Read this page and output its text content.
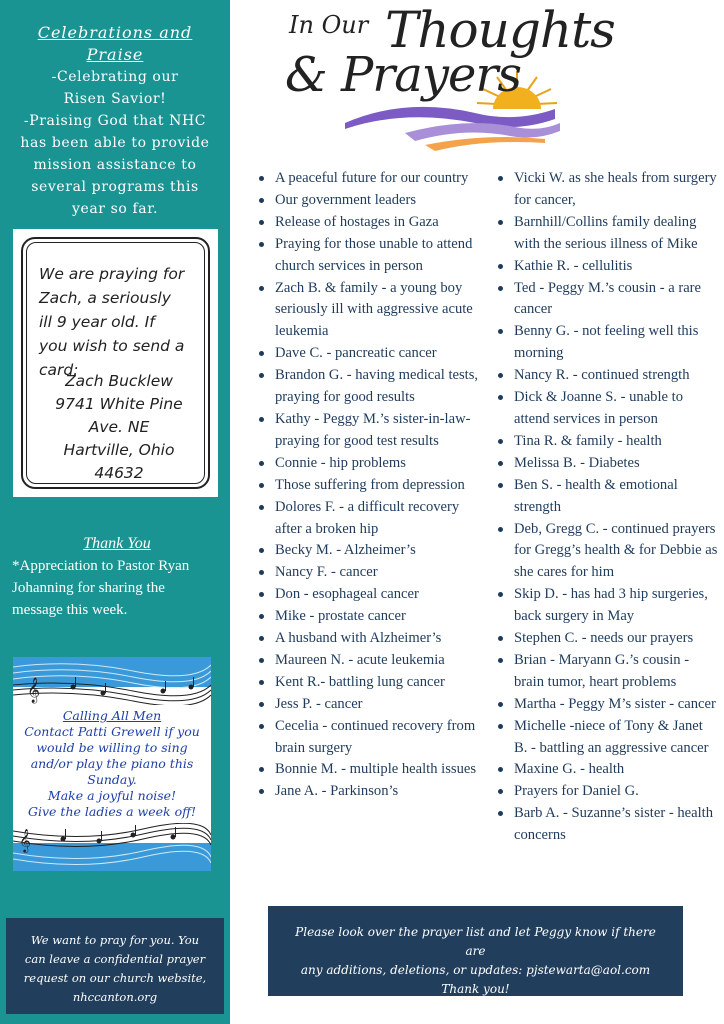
Celebrations and Praise
-Celebrating our
Risen Savior!
-Praising God that NHC
has been able to provide
mission assistance to
several programs this
year so far.
We are praying for
Zach, a seriously
ill 9 year old. If
you wish to send a
card:
Zach Bucklew
9741 White Pine
Ave. NE
Hartville, Ohio
44632
Thank You
*Appreciation to Pastor Ryan
Johanning for sharing the
message this week.
𝄞
Calling All Men
Contact Patti Grewell if you
would be willing to sing
and/or play the piano this
Sunday.
Make a joyful noise!
Give the ladies a week off!
𝄞
We want to pray for you. You
can leave a confidential prayer
request on our church website,
nhccanton.org
In Our Thoughts
& Prayers
A peaceful future for our country
Our government leaders
Release of hostages in Gaza
Praying for those unable to attend church services in person
Zach B. & family - a young boy seriously ill with aggressive acute leukemia
Dave C. - pancreatic cancer
Brandon G. - having medical tests, praying for good results
Kathy - Peggy M.’s sister-in-law-praying for good test results
Connie - hip problems
Those suffering from depression
Dolores F. - a difficult recovery after a broken hip
Becky M. - Alzheimer’s
Nancy F. - cancer
Don - esophageal cancer
Mike - prostate cancer
A husband with Alzheimer’s
Maureen N. - acute leukemia
Kent R.- battling lung cancer
Jess P. - cancer
Cecelia - continued recovery from brain surgery
Bonnie M. - multiple health issues
Jane A. - Parkinson’s
Vicki W. as she heals from surgery for cancer,
Barnhill/Collins family dealing with the serious illness of Mike
Kathie R. - cellulitis
Ted - Peggy M.’s cousin - a rare cancer
Benny G. - not feeling well this morning
Nancy R. - continued strength
Dick & Joanne S. - unable to attend services in person
Tina R. & family - health
Melissa B. - Diabetes
Ben S. - health & emotional strength
Deb, Gregg C. - continued prayers for Gregg’s health & for Debbie as she cares for him
Skip D. - has had 3 hip surgeries, back surgery in May
Stephen C. - needs our prayers
Brian - Maryann G.’s cousin - brain tumor, heart problems
Martha - Peggy M’s sister - cancer
Michelle -niece of Tony & Janet B. - battling an aggressive cancer
Maxine G. - health
Prayers for Daniel G.
Barb A. - Suzanne’s sister - health concerns
Please look over the prayer list and let Peggy know if there are
any additions, deletions, or updates: pjstewarta@aol.com
Thank you!
